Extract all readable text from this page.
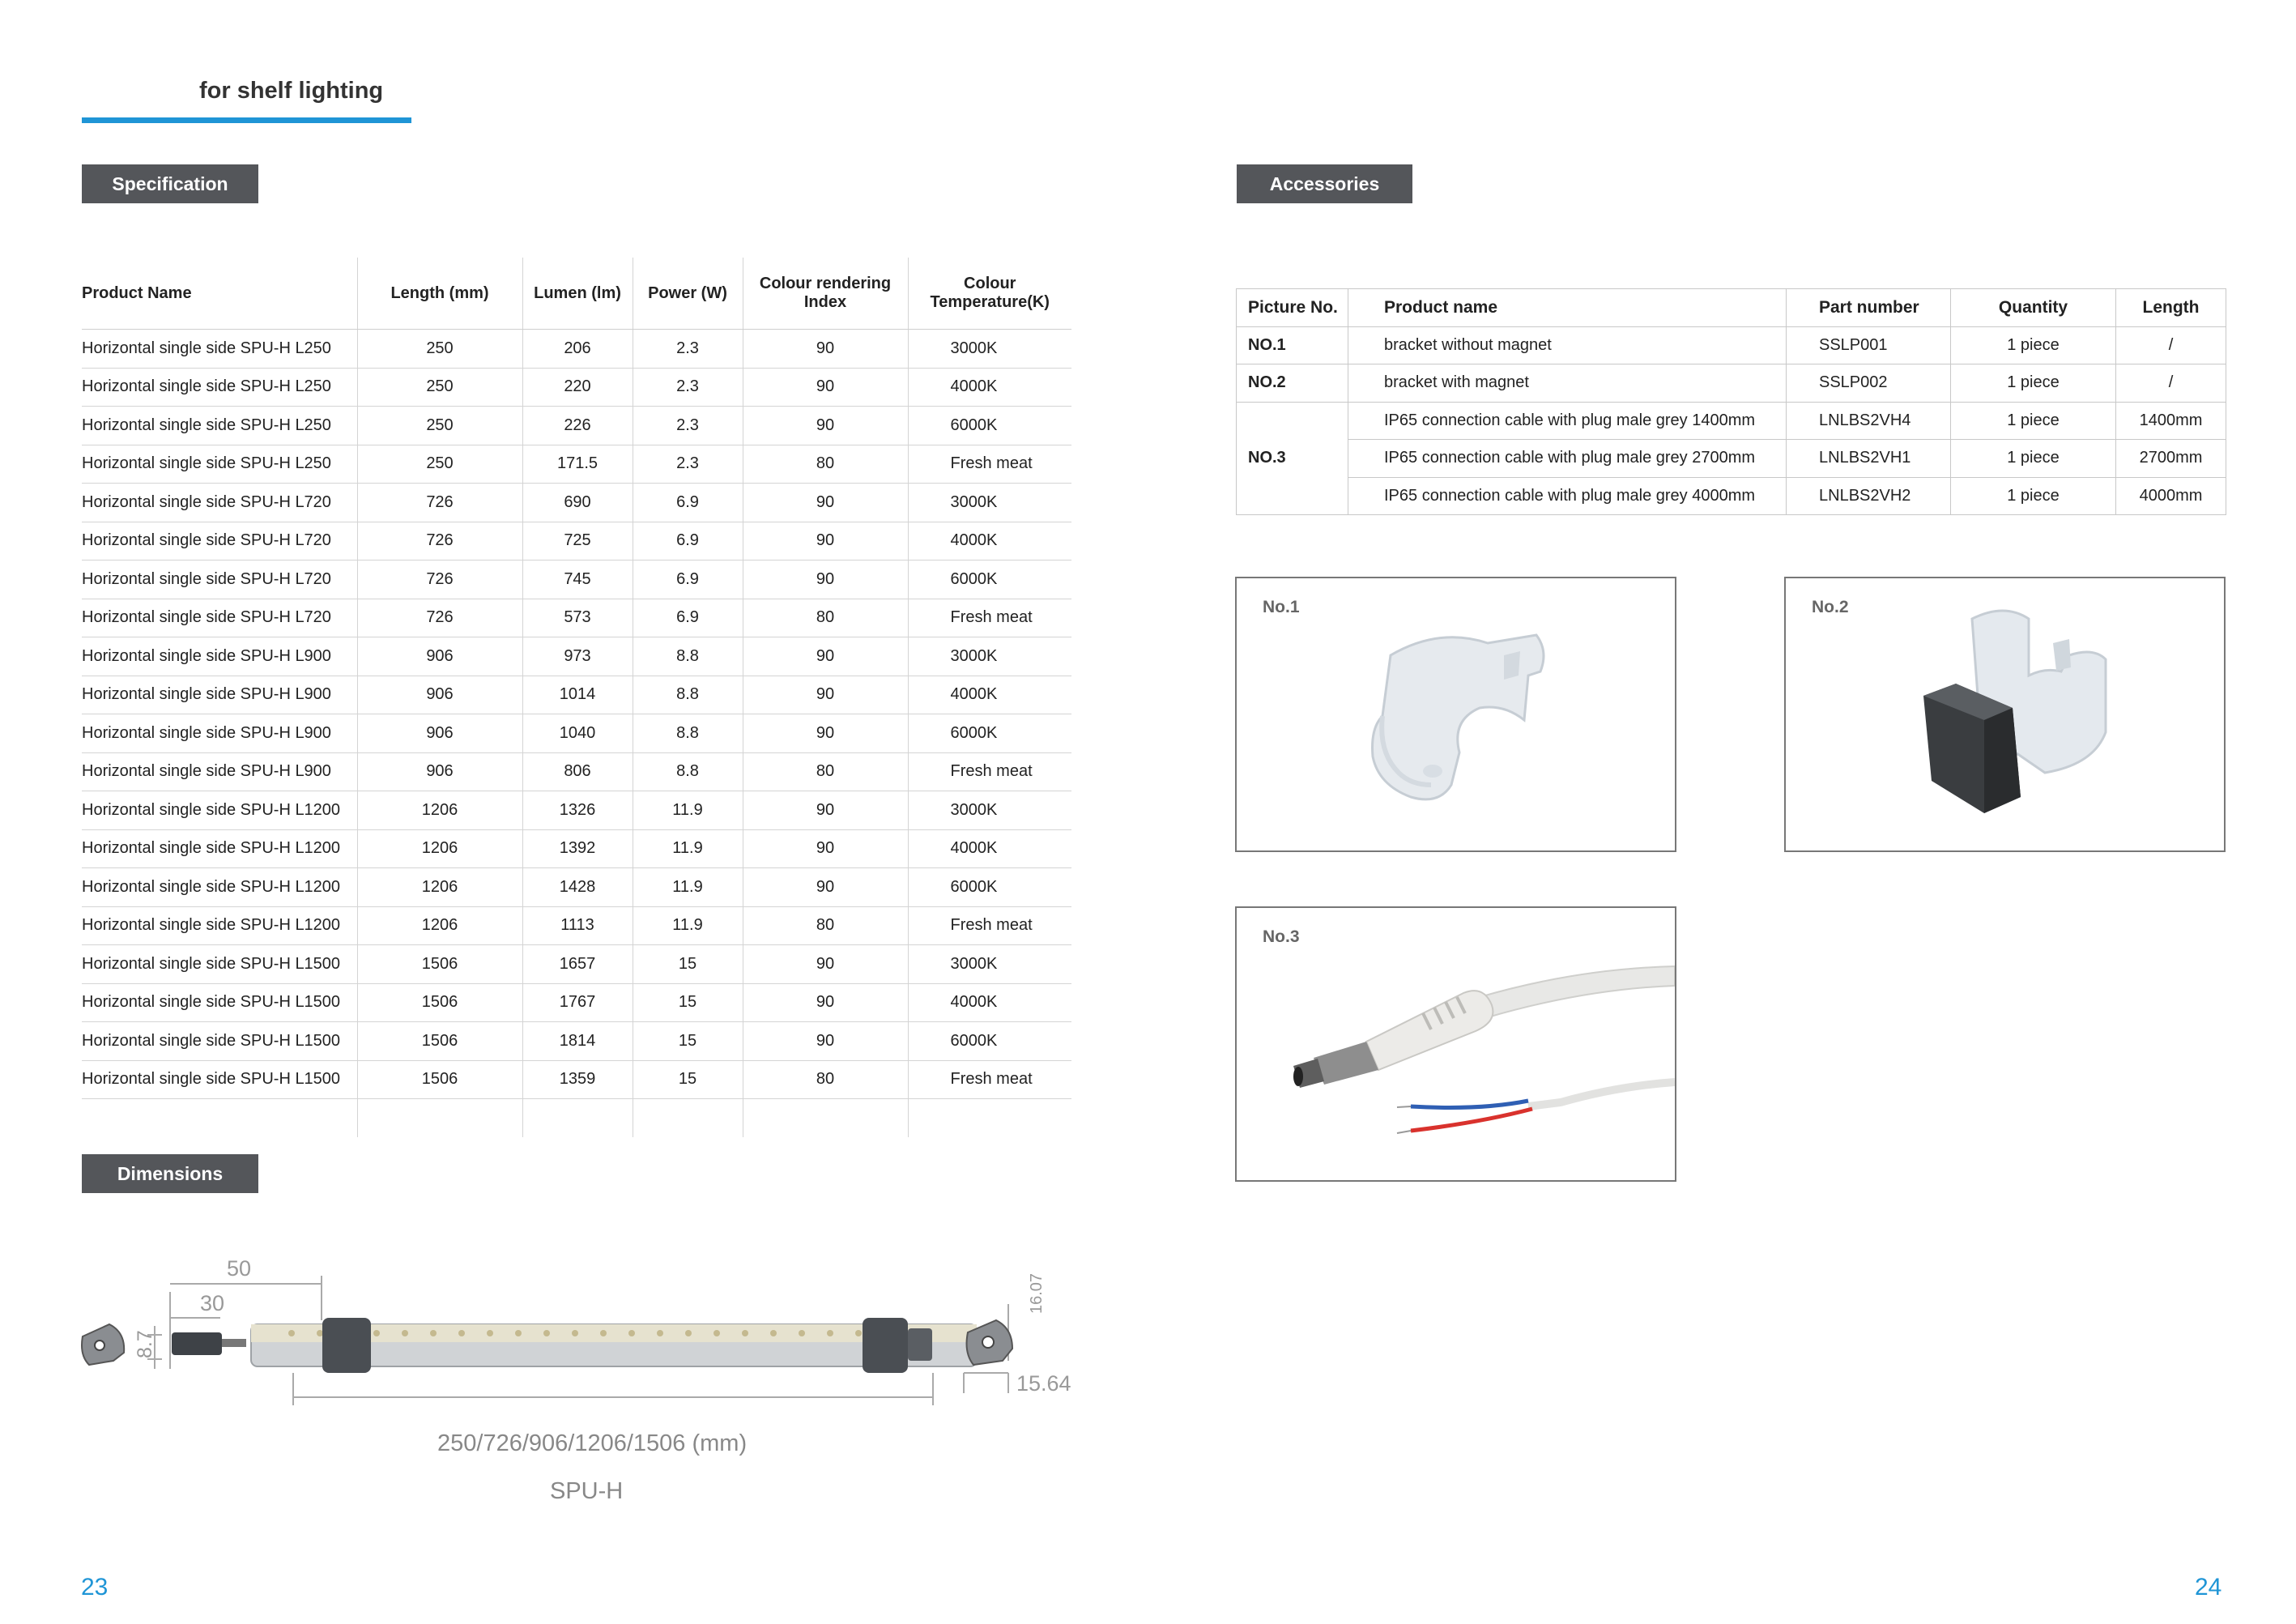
for shelf lighting
Specification	Accessories
Dimensions
Product Name	Length (mm)	Lumen (lm)	Power (W)	Colour rendering Index	Colour Temperature(K)

Horizontal single side SPU-H L250	250	206	2.3	90	3000K
Horizontal single side SPU-H L250	250	220	2.3	90	4000K
Horizontal single side SPU-H L250	250	226	2.3	90	6000K
Horizontal single side SPU-H L250	250	171.5	2.3	80	Fresh meat
Horizontal single side SPU-H L720	726	690	6.9	90	3000K
Horizontal single side SPU-H L720	726	725	6.9	90	4000K
Horizontal single side SPU-H L720	726	745	6.9	90	6000K
Horizontal single side SPU-H L720	726	573	6.9	80	Fresh meat
Horizontal single side SPU-H L900	906	973	8.8	90	3000K
Horizontal single side SPU-H L900	906	1014	8.8	90	4000K
Horizontal single side SPU-H L900	906	1040	8.8	90	6000K
Horizontal single side SPU-H L900	906	806	8.8	80	Fresh meat
Horizontal single side SPU-H L1200	1206	1326	11.9	90	3000K
Horizontal single side SPU-H L1200	1206	1392	11.9	90	4000K
Horizontal single side SPU-H L1200	1206	1428	11.9	90	6000K
Horizontal single side SPU-H L1200	1206	1113	11.9	80	Fresh meat
Horizontal single side SPU-H L1500	1506	1657	15	90	3000K
Horizontal single side SPU-H L1500	1506	1767	15	90	4000K
Horizontal single side SPU-H L1500	1506	1814	15	90	6000K
Horizontal single side SPU-H L1500	1506	1359	15	80	Fresh meat

Picture No.	Product name	Part number	Quantity	Length
NO.1	bracket without magnet	SSLP001	1 piece	/
NO.2	bracket with magnet	SSLP002	1 piece	/
NO.3	IP65 connection cable with plug male grey 1400mm	LNLBS2VH4	1 piece	1400mm
	IP65 connection cable with plug male grey 2700mm	LNLBS2VH1	1 piece	2700mm
	IP65 connection cable with plug male grey 4000mm	LNLBS2VH2	1 piece	4000mm
No.1	No.2
No.3
50
30
8.7
16.07
15.64
250/726/906/1206/1506 (mm)
SPU-H
23	24
